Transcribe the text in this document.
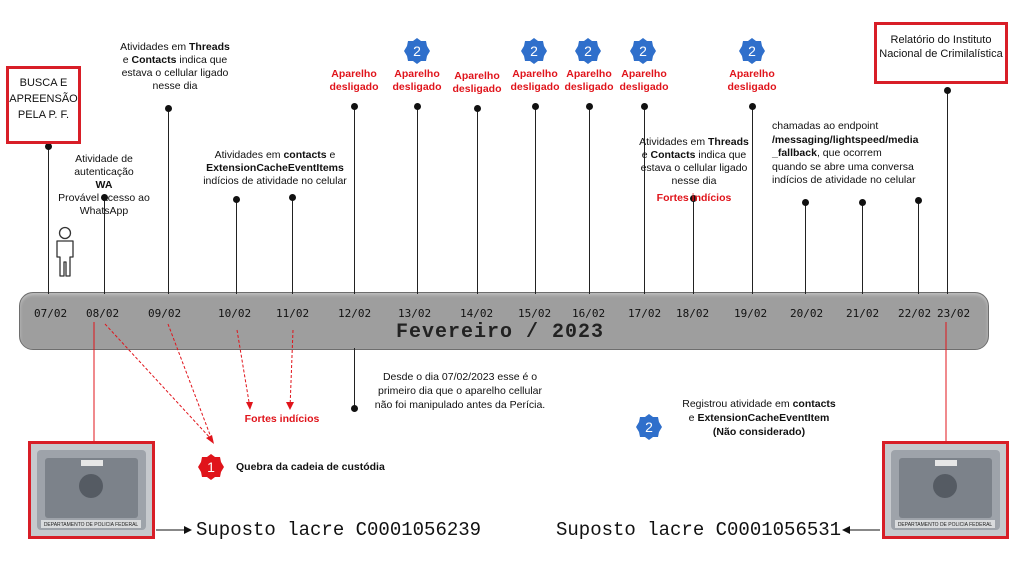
Fevereiro / 2023
07/02 08/02	09/02	10/02 11/02	12/02 13/02	14/02 15/02 16/02 17/02 18/02 19/02 20/02 21/02 22/02 23/02
BUSCA E APREENSÃO PELA P. F.
Relatório do Instituto Nacional de Crimilalística
Atividade de
autenticação
WA
Provável acesso ao
WhatsApp
Atividades em Threads
e Contacts indica que
estava o cellular ligado
nesse dia
Atividades em contacts e
ExtensionCacheEventItems
indícios de atividade no celular
Aparelho
desligado
Aparelho
desligado
Aparelho
desligado
Aparelho
desligado
Aparelho
desligado
Aparelho
desligado
Aparelho
desligado
2	2	2	2	2
Atividades em Threads
e Contacts indica que
estava o cellular ligado
nesse dia
Fortes indícios
chamadas ao endpoint
/messaging/lightspeed/media
_fallback, que ocorrem
quando se abre uma conversa
indícios de atividade no celular
Fortes indícios
Desde o dia 07/02/2023 esse é o
primeiro dia que o aparelho cellular
não foi manipulado antes da Perícia.
2
Registrou atividade em contacts
e ExtensionCacheEventItem
(Não considerado)
1 Quebra da cadeia de custódia
DEPARTAMENTO DE POLICIA FEDERAL	DEPARTAMENTO DE POLICIA FEDERAL
Suposto lacre C0001056239	Suposto lacre C0001056531
